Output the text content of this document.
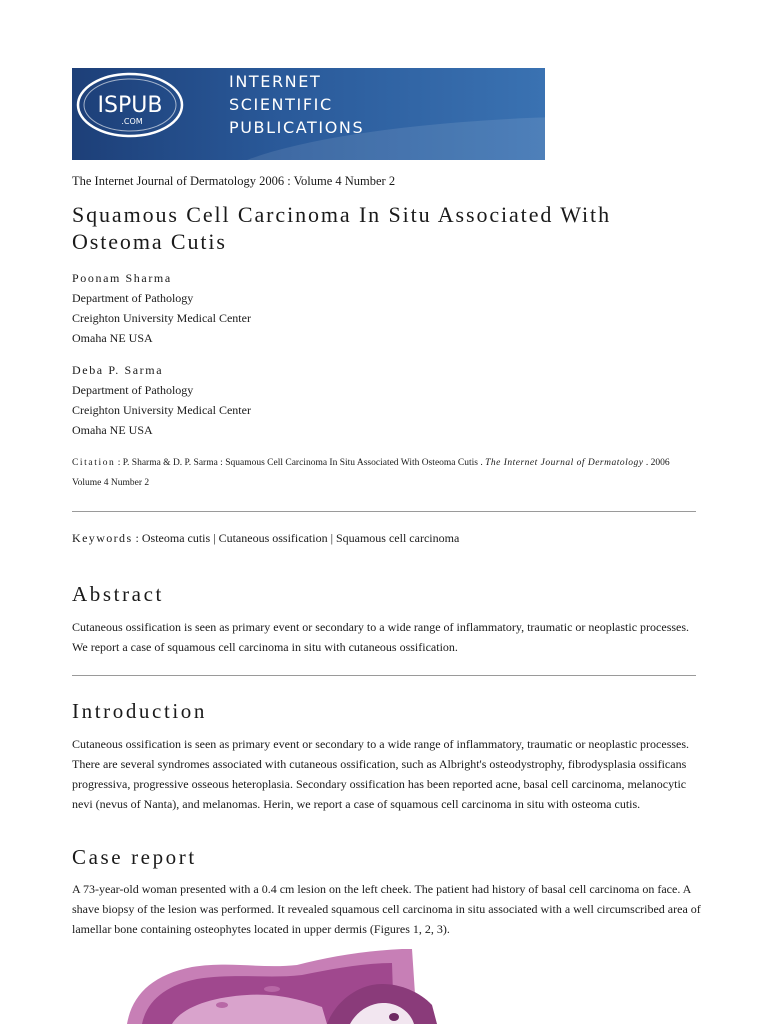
ISPUB
.COM
INTERNET
SCIENTIFIC
PUBLICATIONS
The Internet Journal of Dermatology 2006 : Volume 4 Number 2
Squamous Cell Carcinoma In Situ Associated With Osteoma Cutis
Poonam Sharma
Department of Pathology
Creighton University Medical Center
Omaha NE USA
Deba P. Sarma
Department of Pathology
Creighton University Medical Center
Omaha NE USA
Citation : P. Sharma & D. P. Sarma : Squamous Cell Carcinoma In Situ Associated With Osteoma Cutis . The Internet Journal of Dermatology . 2006 Volume 4 Number 2
Keywords : Osteoma cutis | Cutaneous ossification | Squamous cell carcinoma
Abstract

Cutaneous ossification is seen as primary event or secondary to a wide range of inflammatory, traumatic or neoplastic processes. We report a case of squamous cell carcinoma in situ with cutaneous ossification.

Introduction

Cutaneous ossification is seen as primary event or secondary to a wide range of inflammatory, traumatic or neoplastic processes. There are several syndromes associated with cutaneous ossification, such as Albright's osteodystrophy, fibrodysplasia ossificans progressiva, progressive osseous heteroplasia. Secondary ossification has been reported acne, basal cell carcinoma, melanocytic nevi (nevus of Nanta), and melanomas. Herin, we report a case of squamous cell carcinoma in situ with osteoma cutis.

Case report

A 73-year-old woman presented with a 0.4 cm lesion on the left cheek. The patient had history of basal cell carcinoma on face. A shave biopsy of the lesion was performed. It revealed squamous cell carcinoma in situ associated with a well circumscribed area of lamellar bone containing osteophytes located in upper dermis (Figures 1, 2, 3).
